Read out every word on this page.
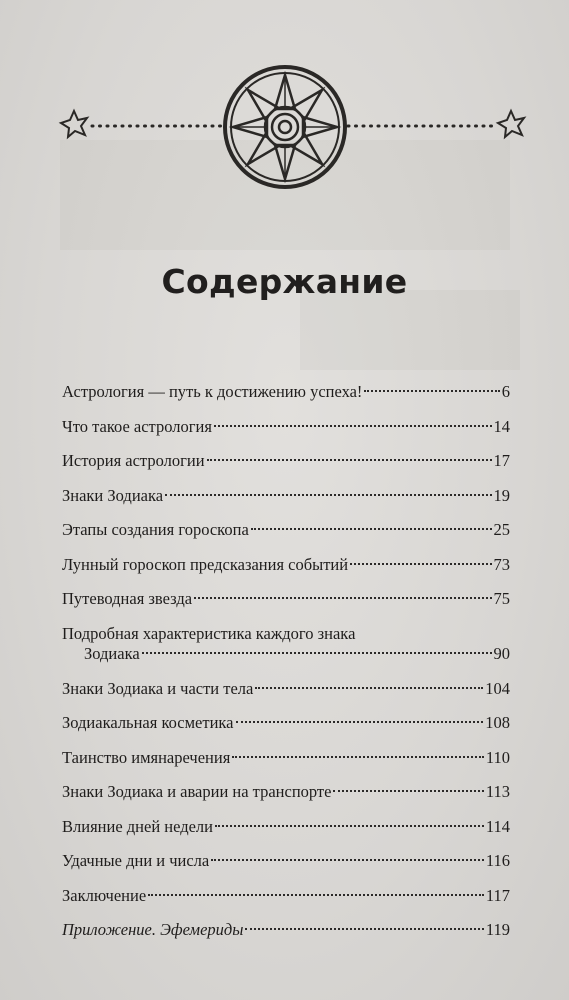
Содержание
Астрология — путь к достижению успеха!	6
Что такое астрология	14
История астрологии	17
Знаки Зодиака	19
Этапы создания гороскопа	25
Лунный гороскоп предсказания событий	73
Путеводная звезда	75
Подробная характеристика каждого знака
Зодиака	90
Знаки Зодиака и части тела	104
Зодиакальная косметика	108
Таинство имянаречения	110
Знаки Зодиака и аварии на транспорте	113
Влияние дней недели	114
Удачные дни и числа	116
Заключение	117
Приложение. Эфемериды	119
